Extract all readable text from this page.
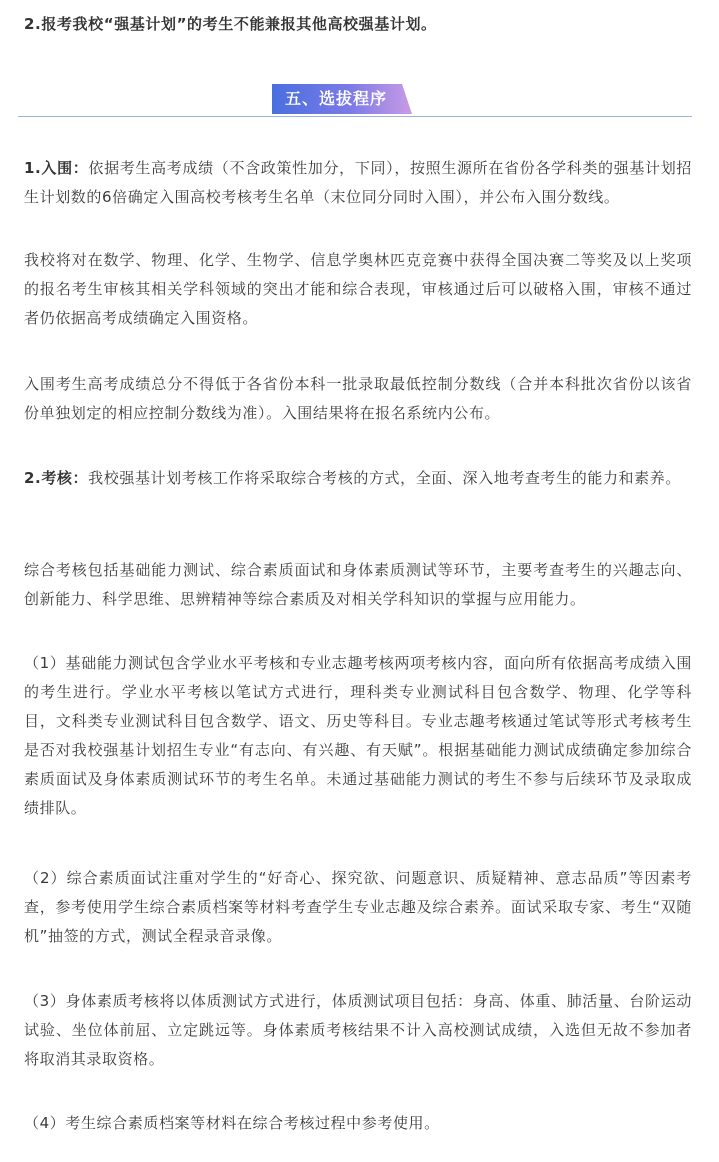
2.报考我校“强基计划”的考生不能兼报其他高校强基计划。

五、选拔程序

1.入围：依据考生高考成绩（不含政策性加分，下同），按照生源所在省份各学科类的强基计划招生计划数的6倍确定入围高校考核考生名单（末位同分同时入围），并公布入围分数线。

我校将对在数学、物理、化学、生物学、信息学奥林匹克竞赛中获得全国决赛二等奖及以上奖项的报名考生审核其相关学科领域的突出才能和综合表现，审核通过后可以破格入围，审核不通过者仍依据高考成绩确定入围资格。

入围考生高考成绩总分不得低于各省份本科一批录取最低控制分数线（合并本科批次省份以该省份单独划定的相应控制分数线为准）。入围结果将在报名系统内公布。

2.考核：我校强基计划考核工作将采取综合考核的方式，全面、深入地考查考生的能力和素养。

综合考核包括基础能力测试、综合素质面试和身体素质测试等环节，主要考查考生的兴趣志向、创新能力、科学思维、思辨精神等综合素质及对相关学科知识的掌握与应用能力。

（1）基础能力测试包含学业水平考核和专业志趣考核两项考核内容，面向所有依据高考成绩入围的考生进行。学业水平考核以笔试方式进行，理科类专业测试科目包含数学、物理、化学等科目，文科类专业测试科目包含数学、语文、历史等科目。专业志趣考核通过笔试等形式考核考生是否对我校强基计划招生专业“有志向、有兴趣、有天赋”。根据基础能力测试成绩确定参加综合素质面试及身体素质测试环节的考生名单。未通过基础能力测试的考生不参与后续环节及录取成绩排队。

（2）综合素质面试注重对学生的“好奇心、探究欲、问题意识、质疑精神、意志品质”等因素考查，参考使用学生综合素质档案等材料考查学生专业志趣及综合素养。面试采取专家、考生“双随机”抽签的方式，测试全程录音录像。

（3）身体素质考核将以体质测试方式进行，体质测试项目包括：身高、体重、肺活量、台阶运动试验、坐位体前屈、立定跳远等。身体素质考核结果不计入高校测试成绩，入选但无故不参加者将取消其录取资格。

（4）考生综合素质档案等材料在综合考核过程中参考使用。
